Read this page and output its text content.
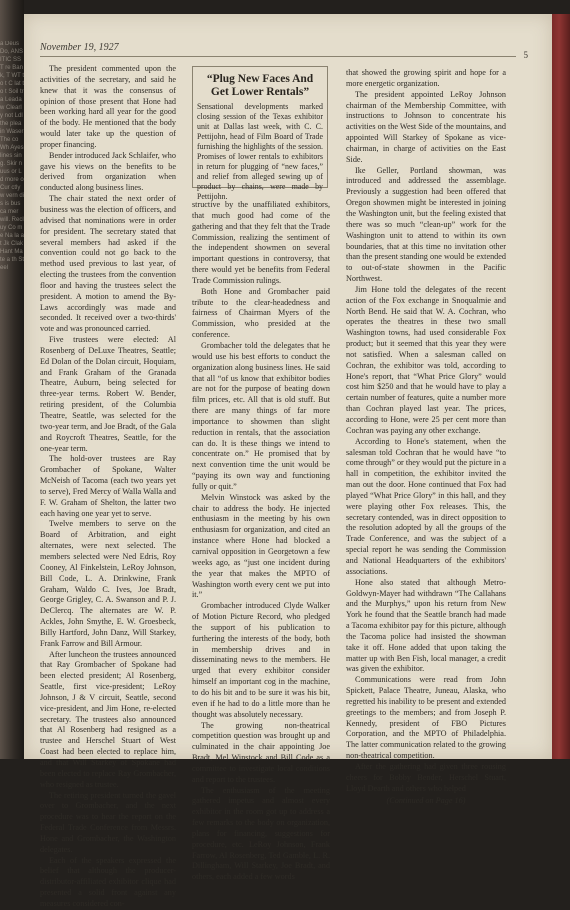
a Deus Do, ANSITIC SST re Bank, T WT to t C lat to t Soil tra Leadaw Clearly not Ldl the plea in Waser The co Wh Ayes lines sing. Skir nuus or L d more o Cur ctly w vern dis is bus ca mer will. Recluy Co me Na la at Jk Clak Hant Mate a th Steel
November 19, 1927
5

The president commented upon the activities of the secretary, and said he knew that it was the consensus of opinion of those present that Hone had been working hard all year for the good of the body. He mentioned that the body would later take up the question of proper financing.

Bender introduced Jack Schlaifer, who gave his views on the benefits to be derived from organization when conducted along business lines.

The chair stated the next order of business was the election of officers, and advised that nominations were in order for president. The secretary stated that several members had asked if the convention could not go back to the method used previous to last year, of electing the trustees from the convention floor and having the trustees select the president. A motion to amend the By-Laws accordingly was made and seconded. It received over a two-thirds' vote and was pronounced carried.

Five trustees were elected: Al Rosenberg of DeLuxe Theatres, Seattle; Ed Dolan of the Dolan circuit, Hoquiam, and Frank Graham of the Granada Theatre, Auburn, being selected for three-year terms. Robert W. Bender, retiring president, of the Columbia Theatre, Seattle, was selected for the two-year term, and Joe Bradt, of the Gala and Roycroft Theatres, Seattle, for the one-year term.

The hold-over trustees are Ray Grombacher of Spokane, Walter McNeish of Tacoma (each two years yet to serve), Fred Mercy of Walla Walla and F. W. Graham of Shelton, the latter two each having one year yet to serve.

Twelve members to serve on the Board of Arbitration, and eight alternates, were next selected. The members selected were Ned Edris, Roy Cooney, Al Finkelstein, LeRoy Johnson, Bill Code, L. A. Drinkwine, Frank Graham, Waldo C. Ives, Joe Bradt, George Grigley, C. A. Swanson and P. J. DeClercq. The alternates are W. P. Ackles, John Smythe, E. W. Groesbeck, Billy Hartford, John Danz, Will Starkey, Frank Farrow and Bill Armour.

After luncheon the trustees announced that Ray Grombacher of Spokane had been elected president; Al Rosenberg, Seattle, first vice-president; LeRoy Johnson, J & V circuit, Seattle, second vice-president, and Jim Hone, re-elected secretary. The trustees also announced that Al Rosenberg had resigned as a trustee and Herschel Stuart of West Coast had been elected to replace him, and that Will Starkey of Spokane had been elected to replace Ray Grombacher, who resigned as trustee.

The retiring president turned the gavel over to Grombacher, and the next procedure was to hear the report on the Federal Trade Conference from Messrs. Hone and Grombacher, the Washington delegates.

Each of the speakers expressed the belief that although the producer-distributor-affiliated exhibitor clique had presented a solid front against any measures considered con-

“Plug New Faces And Get Lower Rentals”
Sensational developments marked closing session of the Texas exhibitor unit at Dallas last week, with C. C. Pettijohn, head of Film Board of Trade furnishing the highlights of the session. Promises of lower rentals to exhibitors in return for plugging of “new faces,” and relief from alleged sewing up of product by chains, were made by Pettijohn.

structive by the unaffiliated exhibitors, that much good had come of the gathering and that they felt that the Trade Commission, realizing the sentiment of the independent showmen on several important questions in controversy, that there would yet be benefits from Federal Trade Commission rulings.

Both Hone and Grombacher paid tribute to the clear-headedness and fairness of Chairman Myers of the Commission, who presided at the conference.

Grombacher told the delegates that he would use his best efforts to conduct the organization along business lines. He said that all “of us know that exhibitor bodies are not for the purpose of beating down film prices, etc. All that is old stuff. But there are many things of far more importance to showmen than slight reduction in rentals, that the association can do. It is these things we intend to concentrate on.” He promised that by next convention time the unit would be “paying its own way and functioning fully or quit.”

Melvin Winstock was asked by the chair to address the body. He injected enthusiasm in the meeting by his own enthusiasm for organization, and cited an instance where Hone had blocked a carnival opposition in Georgetown a few weeks ago, as “just one incident during the year that makes the MPTO of Washington worth every cent we put into it.”

Grombacher introduced Clyde Walker of Motion Picture Record, who pledged the support of his publication to furthering the interests of the body, both in membership drives and in disseminating news to the members. He urged that every exhibitor consider himself an important cog in the machine, to do his bit and to be sure it was his bit, even if he had to do a little more than he thought was absolutely necessary.

The growing non-theatrical competition question was brought up and culminated in the chair appointing Joe Bradt, Mel Winstock and Bill Code as a committee to investigate local conditions and report to the trustees.

The enthusiasm of the meeting gathered impetus and almost every exhibitor in the room got up to address a few remarks to the body on organization, plans for financing, suggestions for procedure, etc. LeRoy Johnson, Frank Farrow, Al Rosenberg, Ted Gamble, L. R. Dillingham, Will Starkey, Joe Bradt, and others, each added a few words

that showed the growing spirit and hope for a more energetic organization.

The president appointed LeRoy Johnson chairman of the Membership Committee, with instructions to Johnson to concentrate his activities on the West Side of the mountains, and appointed Will Starkey of Spokane as vice-chairman, in charge of activities on the East Side.

Ike Geller, Portland showman, was introduced and addressed the assemblage. Previously a suggestion had been offered that Oregon showmen might be interested in joining the Washington unit, but the feeling existed that there was so much “clean-up” work for the Washington unit to attend to within its own boundaries, that at this time no invitation other than the present standing one would be extended to out-of-state showmen in the Pacific Northwest.

Jim Hone told the delegates of the recent action of the Fox exchange in Snoqualmie and North Bend. He said that W. A. Cochran, who operates the theatres in these two small Washington towns, had used considerable Fox product; but it seemed that this year they were not satisfied. When a salesman called on Cochran, the exhibitor was told, according to Hone's report, that “What Price Glory” would cost him $250 and that he would have to play a certain number of features, quite a number more than Cochran played last year. The prices, according to Hone, were 25 per cent more than Cochran was paying any other exchange.

According to Hone's statement, when the salesman told Cochran that he would have “to come through” or they would put the picture in a hall in competition, the exhibitor invited the man out the door. Hone continued that Fox had played “What Price Glory” in this hall, and they were playing other Fox releases. This, the secretary contended, was in direct opposition to the resolution adopted by all the groups of the Trade Conference, and was the subject of a special report he was sending the Commission and National Headquarters of the exhibitors' associations.

Hone also stated that although Metro-Goldwyn-Mayer had withdrawn “The Callahans and the Murphys,” upon his return from New York he found that the Seattle branch had made a Tacoma exhibitor pay for this picture, although the Tacoma police had insisted the showman take it off. Hone added that upon taking the matter up with Ben Fish, local manager, a credit was given the exhibitor.

Communications were read from John Spickett, Palace Theatre, Juneau, Alaska, who regretted his inability to be present and extended greetings to the members; and from Joseph P. Kennedy, president of FBO Pictures Corporation, and the MPTO of Philadelphia. The latter communication related to the growing non-theatrical competition.

After the gathering had given three rousing cheers for Bobby Bender, Herschel Stuart, Lloyd Dearth and others who helped

(Continued on Page 16)
